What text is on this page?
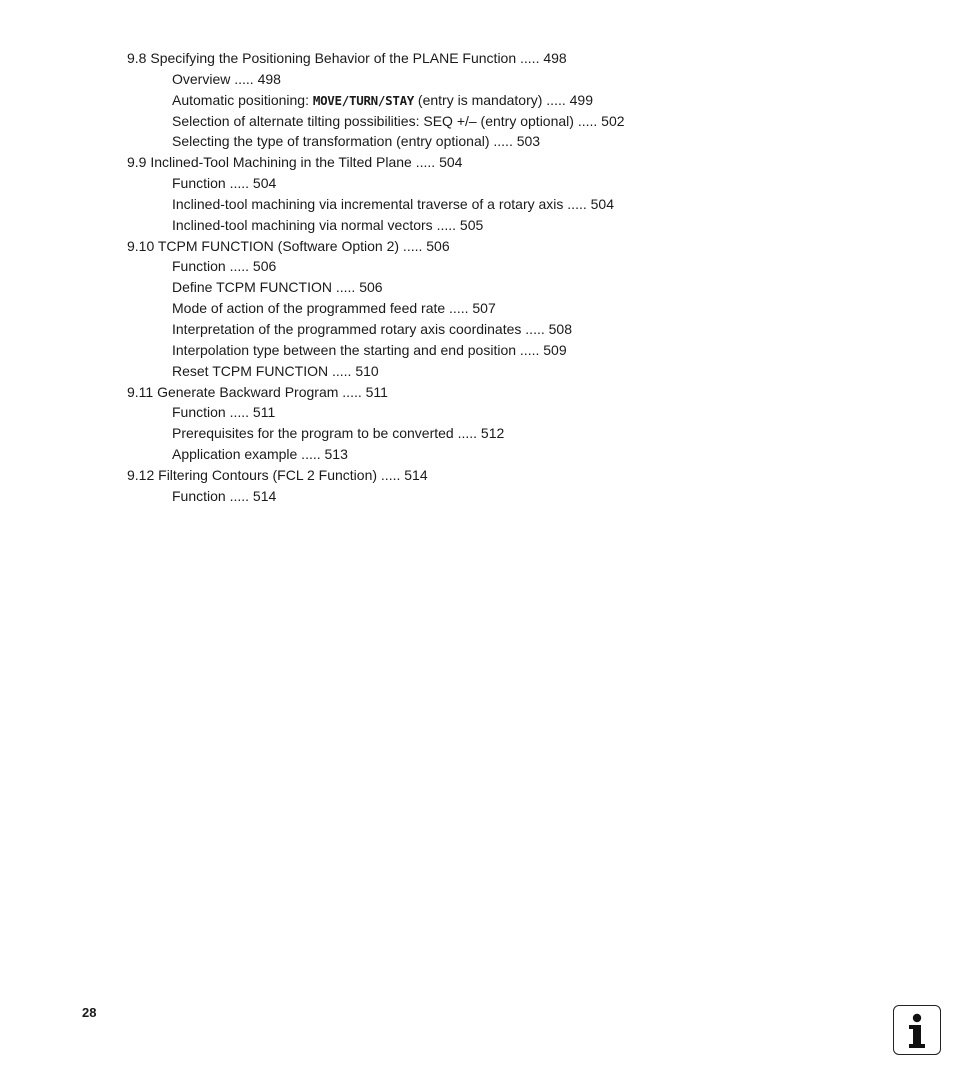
9.8 Specifying the Positioning Behavior of the PLANE Function ..... 498
Overview ..... 498
Automatic positioning: MOVE/TURN/STAY (entry is mandatory) ..... 499
Selection of alternate tilting possibilities: SEQ +/– (entry optional) ..... 502
Selecting the type of transformation (entry optional) ..... 503
9.9 Inclined-Tool Machining in the Tilted Plane ..... 504
Function ..... 504
Inclined-tool machining via incremental traverse of a rotary axis ..... 504
Inclined-tool machining via normal vectors ..... 505
9.10 TCPM FUNCTION (Software Option 2) ..... 506
Function ..... 506
Define TCPM FUNCTION ..... 506
Mode of action of the programmed feed rate ..... 507
Interpretation of the programmed rotary axis coordinates ..... 508
Interpolation type between the starting and end position ..... 509
Reset TCPM FUNCTION ..... 510
9.11 Generate Backward Program ..... 511
Function ..... 511
Prerequisites for the program to be converted ..... 512
Application example ..... 513
9.12 Filtering Contours (FCL 2 Function) ..... 514
Function ..... 514
28
